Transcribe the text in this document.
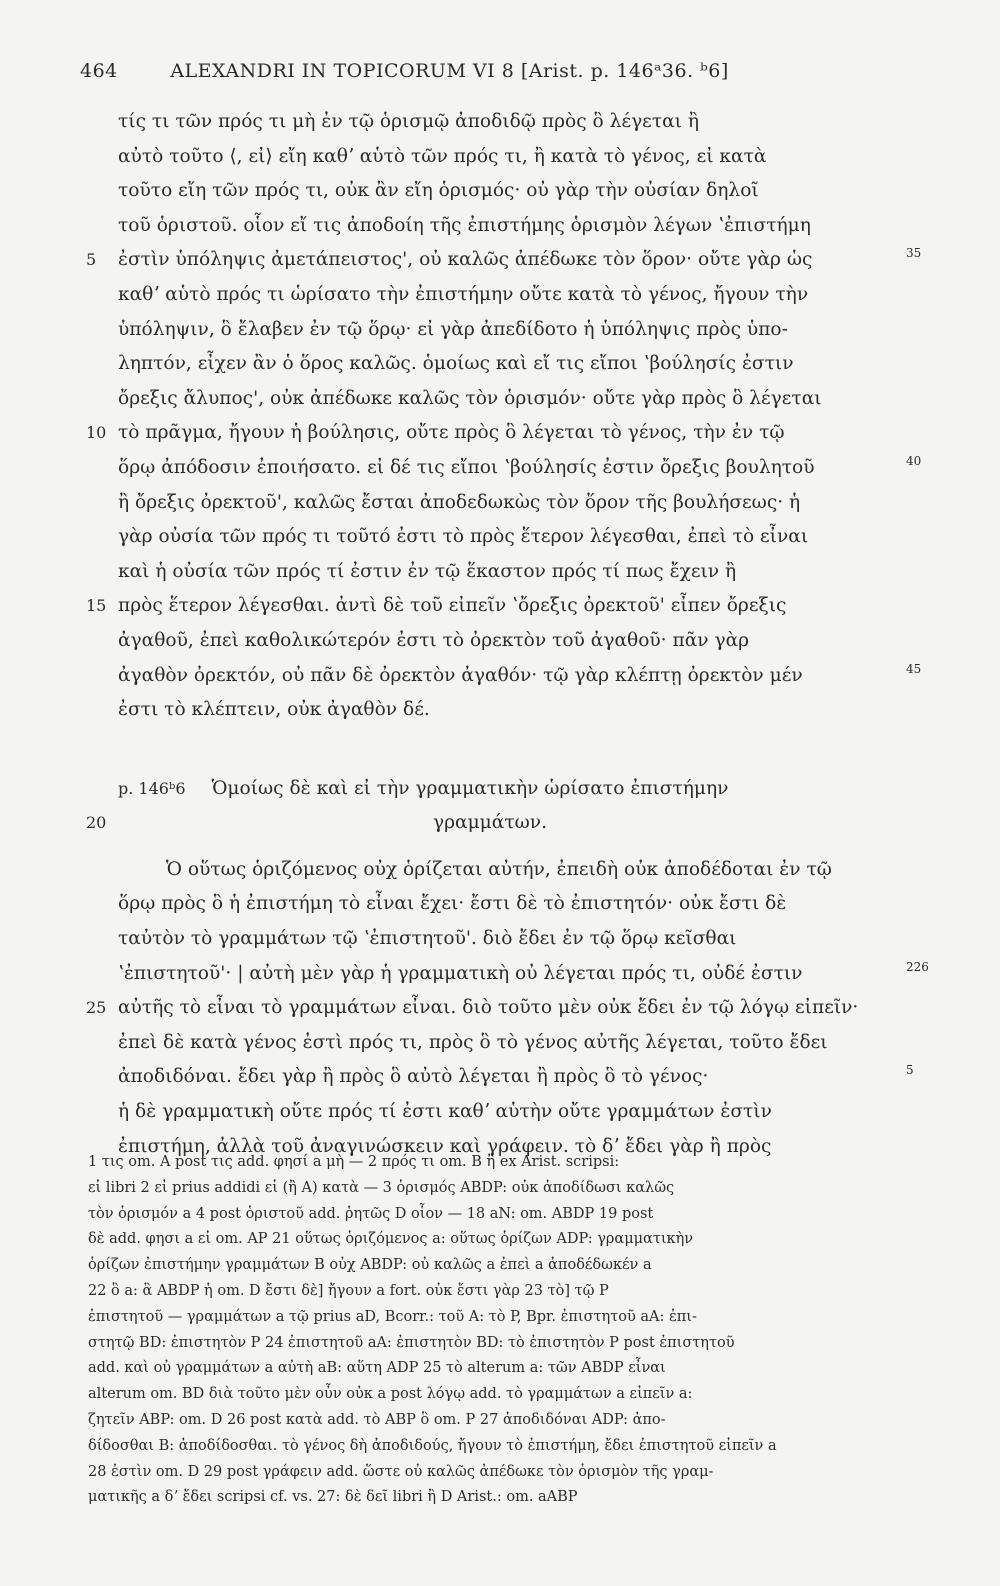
464	ALEXANDRI IN TOPICORUM VI 8 [Arist. p. 146ᵃ36. ᵇ6]
τίς τι τῶν πρός τι μὴ ἐν τῷ ὁρισμῷ ἀποδιδῷ πρὸς ὃ λέγεται ἢ
αὐτὸ τοῦτο ⟨, εἰ⟩ εἴη καθʼ αὑτὸ τῶν πρός τι, ἢ κατὰ τὸ γένος, εἰ κατὰ
τοῦτο εἴη τῶν πρός τι, οὐκ ἂν εἴη ὁρισμός· οὐ γὰρ τὴν οὐσίαν δηλοῖ
τοῦ ὁριστοῦ. οἷον εἴ τις ἀποδοίη τῆς ἐπιστήμης ὁρισμὸν λέγων ʽἐπιστήμη
5	ἐστὶν ὑπόληψις ἀμετάπειστος', οὐ καλῶς ἀπέδωκε τὸν ὅρον· οὔτε γὰρ ὡς	35
καθʼ αὑτὸ πρός τι ὡρίσατο τὴν ἐπιστήμην οὔτε κατὰ τὸ γένος, ἤγουν τὴν
ὑπόληψιν, ὃ ἔλαβεν ἐν τῷ ὅρῳ· εἰ γὰρ ἀπεδίδοτο ἡ ὑπόληψις πρὸς ὑπο-
ληπτόν, εἶχεν ἂν ὁ ὅρος καλῶς. ὁμοίως καὶ εἴ τις εἴποι ʽβούλησίς ἐστιν
ὄρεξις ἄλυπος', οὐκ ἀπέδωκε καλῶς τὸν ὁρισμόν· οὔτε γὰρ πρὸς ὃ λέγεται
10 τὸ πρᾶγμα, ἤγουν ἡ βούλησις, οὔτε πρὸς ὃ λέγεται τὸ γένος, τὴν ἐν τῷ
ὅρῳ ἀπόδοσιν ἐποιήσατο. εἰ δέ τις εἴποι ʽβούλησίς ἐστιν ὄρεξις βουλητοῦ	40
ἢ ὄρεξις ὀρεκτοῦ', καλῶς ἔσται ἀποδεδωκὼς τὸν ὅρον τῆς βουλήσεως· ἡ
γὰρ οὐσία τῶν πρός τι τοῦτό ἐστι τὸ πρὸς ἕτερον λέγεσθαι, ἐπεὶ τὸ εἶναι
καὶ ἡ οὐσία τῶν πρός τί ἐστιν ἐν τῷ ἕκαστον πρός τί πως ἔχειν ἢ
15 πρὸς ἕτερον λέγεσθαι. ἀντὶ δὲ τοῦ εἰπεῖν ʽὄρεξις ὀρεκτοῦ' εἶπεν ὄρεξις
ἀγαθοῦ, ἐπεὶ καθολικώτερόν ἐστι τὸ ὀρεκτὸν τοῦ ἀγαθοῦ· πᾶν γὰρ
ἀγαθὸν ὀρεκτόν, οὐ πᾶν δὲ ὀρεκτὸν ἀγαθόν· τῷ γὰρ κλέπτῃ ὀρεκτὸν μέν	45
ἐστι τὸ κλέπτειν, οὐκ ἀγαθὸν δέ.
p. 146ᵇ6 Ὁμοίως δὲ καὶ εἰ τὴν γραμματικὴν ὡρίσατο ἐπιστήμην
20	γραμμάτων.
Ὁ οὕτως ὁριζόμενος οὐχ ὁρίζεται αὐτήν, ἐπειδὴ οὐκ ἀποδέδοται ἐν τῷ
ὅρῳ πρὸς ὃ ἡ ἐπιστήμη τὸ εἶναι ἔχει· ἔστι δὲ τὸ ἐπιστητόν· οὐκ ἔστι δὲ
ταὐτὸν τὸ γραμμάτων τῷ ʽἐπιστητοῦ'. διὸ ἔδει ἐν τῷ ὅρῳ κεῖσθαι
ʽἐπιστητοῦ'· | αὐτὴ μὲν γὰρ ἡ γραμματικὴ οὐ λέγεται πρός τι, οὐδέ ἐστιν	226
25 αὐτῆς τὸ εἶναι τὸ γραμμάτων εἶναι. διὸ τοῦτο μὲν οὐκ ἔδει ἐν τῷ λόγῳ εἰπεῖν·
ἐπεὶ δὲ κατὰ γένος ἐστὶ πρός τι, πρὸς ὃ τὸ γένος αὐτῆς λέγεται, τοῦτο ἔδει
ἀποδιδόναι. ἔδει γὰρ ἢ πρὸς ὃ αὐτὸ λέγεται ἢ πρὸς ὃ τὸ γένος·	5
ἡ δὲ γραμματικὴ οὔτε πρός τί ἐστι καθʼ αὑτὴν οὔτε γραμμάτων ἐστὶν
ἐπιστήμη, ἀλλὰ τοῦ ἀναγινώσκειν καὶ γράφειν. τὸ δʼ ἔδει γὰρ ἢ πρὸς
1 τις om. A post τις add. φησί a μὴ — 2 πρός τι om. B ἢ ex Arist. scripsi:
εἰ libri 2 εἰ prius addidi εἰ (ἢ A) κατὰ — 3 ὁρισμός ABDP: οὐκ ἀποδίδωσι καλῶς
τὸν ὁρισμόν a 4 post ὁριστοῦ add. ῥητῶς D οἷον — 18 aN: om. ABDP 19 post
δὲ add. φησι a εἰ om. AP 21 οὕτως ὁριζόμενος a: οὕτως ὁρίζων ADP: γραμματικὴν
ὁρίζων ἐπιστήμην γραμμάτων B οὐχ ABDP: οὐ καλῶς a ἐπεὶ a ἀποδέδωκέν a
22 ὃ a: ἃ ABDP ἡ om. D ἔστι δὲ] ἤγουν a fort. οὐκ ἔστι γὰρ 23 τὸ] τῷ P
ἐπιστητοῦ — γραμμάτων a τῷ prius aD, Bcorr.: τοῦ A: τὸ P, Bpr. ἐπιστητοῦ aA: ἐπι-
στητῷ BD: ἐπιστητὸν P 24 ἐπιστητοῦ aA: ἐπιστητὸν BD: τὸ ἐπιστητὸν P post ἐπιστητοῦ
add. καὶ οὐ γραμμάτων a αὐτὴ aB: αὕτη ADP 25 τὸ alterum a: τῶν ABDP εἶναι
alterum om. BD διὰ τοῦτο μὲν οὖν οὐκ a post λόγῳ add. τὸ γραμμάτων a εἰπεῖν a:
ζητεῖν ABP: om. D 26 post κατὰ add. τὸ ABP ὃ om. P 27 ἀποδιδόναι ADP: ἀπο-
δίδοσθαι B: ἀποδίδοσθαι. τὸ γένος δὴ ἀποδιδούς, ἤγουν τὸ ἐπιστήμη, ἔδει ἐπιστητοῦ εἰπεῖν a
28 ἐστὶν om. D 29 post γράφειν add. ὥστε οὐ καλῶς ἀπέδωκε τὸν ὁρισμὸν τῆς γραμ-
ματικῆς a δʼ ἔδει scripsi cf. vs. 27: δὲ δεῖ libri ἢ D Arist.: om. aABP
